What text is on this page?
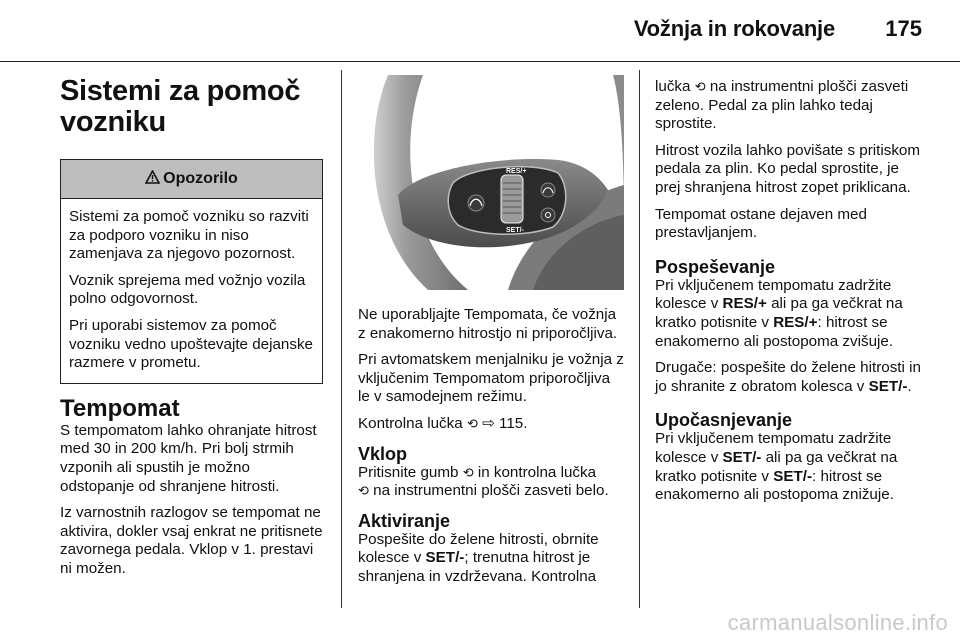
Vožnja in rokovanje 175
Sistemi za pomoč vozniku
Opozorilo

Sistemi za pomoč vozniku so razviti za podporo vozniku in niso zamenjava za njegovo pozornost.

Voznik sprejema med vožnjo vozila polno odgovornost.

Pri uporabi sistemov za pomoč vozniku vedno upoštevajte dejanske razmere v prometu.

Tempomat

S tempomatom lahko ohranjate hitrost med 30 in 200 km/h. Pri bolj strmih vzponih ali spustih je možno odstopanje od shranjene hitrosti.

Iz varnostnih razlogov se tempomat ne aktivira, dokler vsaj enkrat ne pritisnete zavornega pedala. Vklop v 1. prestavi ni možen.

RES/+
SET/-

Ne uporabljajte Tempomata, če vožnja z enakomerno hitrostjo ni priporočljiva.

Pri avtomatskem menjalniku je vožnja z vključenim Tempomatom priporočljiva le v samodejnem režimu.

Kontrolna lučka ⟲ ⇨ 115.

Vklop

Pritisnite gumb ⟲ in kontrolna lučka
⟲ na instrumentni plošči zasveti belo.

Aktiviranje

Pospešite do želene hitrosti, obrnite kolesce v SET/-; trenutna hitrost je shranjena in vzdrževana. Kontrolna

lučka ⟲ na instrumentni plošči zasveti zeleno. Pedal za plin lahko tedaj sprostite.

Hitrost vozila lahko povišate s pritiskom pedala za plin. Ko pedal sprostite, je prej shranjena hitrost zopet priklicana.

Tempomat ostane dejaven med prestavljanjem.

Pospeševanje

Pri vključenem tempomatu zadržite kolesce v RES/+ ali pa ga večkrat na kratko potisnite v RES/+: hitrost se enakomerno ali postopoma zvišuje.

Drugače: pospešite do želene hitrosti in jo shranite z obratom kolesca v SET/-.

Upočasnjevanje

Pri vključenem tempomatu zadržite kolesce v SET/- ali pa ga večkrat na kratko potisnite v SET/-: hitrost se enakomerno ali postopoma znižuje.

carmanualsonline.info
